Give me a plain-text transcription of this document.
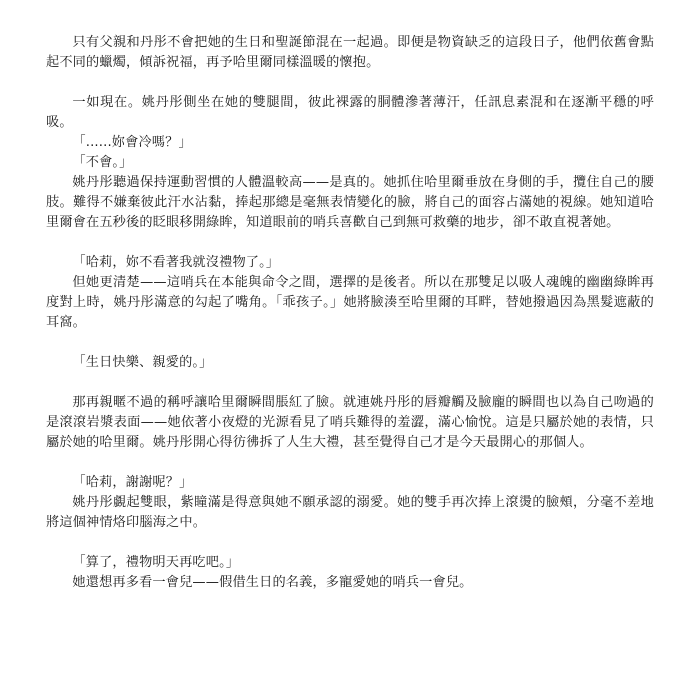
只有父親和丹彤不會把她的生日和聖誕節混在一起過。即便是物資缺乏的這段日子，他們依舊會點起不同的蠟燭，傾訴祝福，再予哈里爾同樣溫暖的懷抱。

一如現在。姚丹彤側坐在她的雙腿間，彼此裸露的胴體滲著薄汗，任訊息素混和在逐漸平穩的呼吸。

「......妳會冷嗎？」

「不會。」

姚丹彤聽過保持運動習慣的人體溫較高——是真的。她抓住哈里爾垂放在身側的手，攬住自己的腰肢。難得不嫌棄彼此汗水沾黏，捧起那總是毫無表情變化的臉，將自己的面容占滿她的視線。她知道哈里爾會在五秒後的眨眼移開綠眸，知道眼前的哨兵喜歡自己到無可救藥的地步，卻不敢直視著她。

「哈莉，妳不看著我就沒禮物了。」

但她更清楚——這哨兵在本能與命令之間，選擇的是後者。所以在那雙足以吸人魂魄的幽幽綠眸再度對上時，姚丹彤滿意的勾起了嘴角。「乖孩子。」她將臉湊至哈里爾的耳畔，替她撥過因為黑髮遮蔽的耳窩。

「生日快樂、親愛的。」

那再親暱不過的稱呼讓哈里爾瞬間脹紅了臉。就連姚丹彤的唇瓣觸及臉龐的瞬間也以為自己吻過的是滾滾岩漿表面——她依著小夜燈的光源看見了哨兵難得的羞澀，滿心愉悅。這是只屬於她的表情，只屬於她的哈里爾。姚丹彤開心得彷彿拆了人生大禮，甚至覺得自己才是今天最開心的那個人。

「哈莉，謝謝呢？」

姚丹彤覷起雙眼，紫瞳滿是得意與她不願承認的溺愛。她的雙手再次捧上滾燙的臉頰，分毫不差地將這個神情烙印腦海之中。

「算了，禮物明天再吃吧。」

她還想再多看一會兒——假借生日的名義，多寵愛她的哨兵一會兒。
